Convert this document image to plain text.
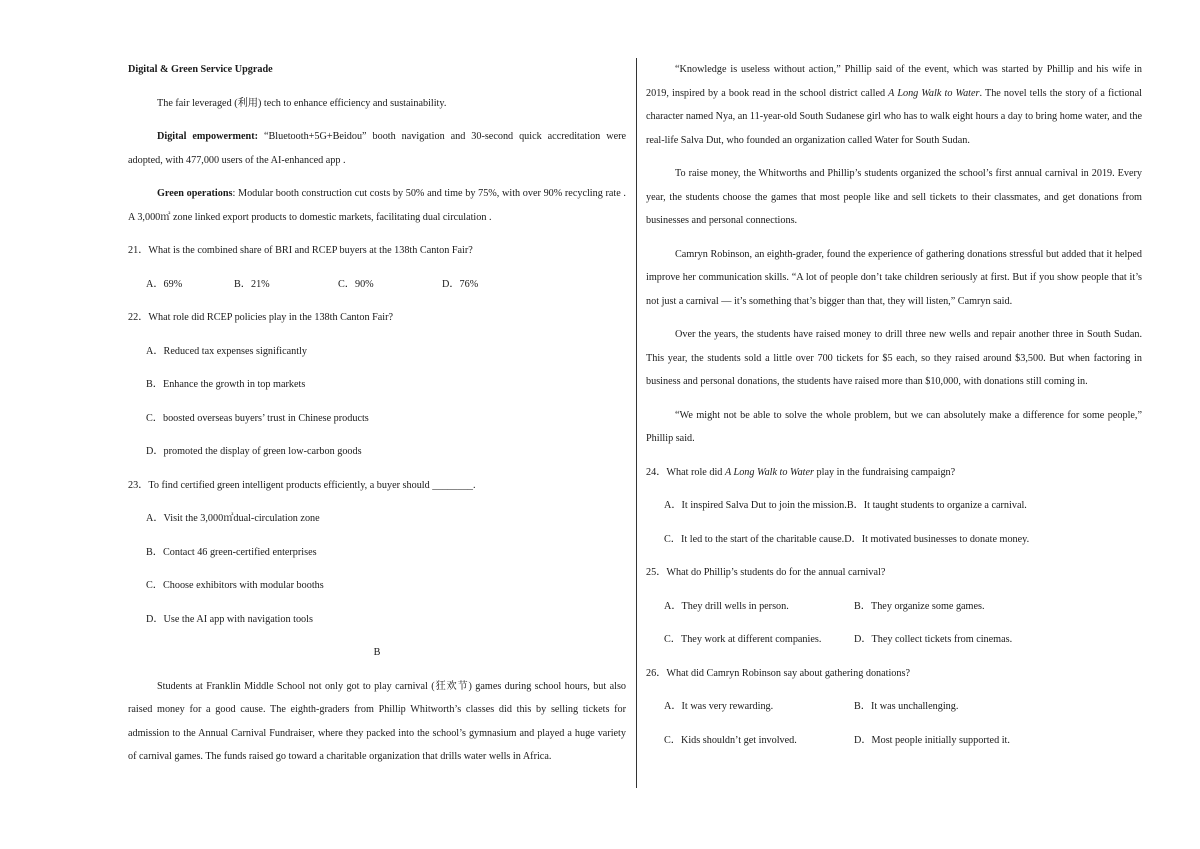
Digital & Green Service Upgrade

The fair leveraged (利用) tech to enhance efficiency and sustainability.

Digital empowerment: “Bluetooth+5G+Beidou” booth navigation and 30-second quick accreditation were adopted, with 477,000 users of the AI-enhanced app .

Green operations: Modular booth construction cut costs by 50% and time by 75%, with over 90% recycling rate . A 3,000㎡ zone linked export products to domestic markets, facilitating dual circulation .

21．What is the combined share of BRI and RCEP buyers at the 138th Canton Fair?

A．69%	B．21%	C．90%	D．76%

22．What role did RCEP policies play in the 138th Canton Fair?

A．Reduced tax expenses significantly

B．Enhance the growth in top markets

C．boosted overseas buyers’ trust in Chinese products

D．promoted the display of green low-carbon goods

23．To find certified green intelligent products efficiently, a buyer should ________.

A．Visit the 3,000㎡dual-circulation zone

B．Contact 46 green-certified enterprises

C．Choose exhibitors with modular booths

D．Use the AI app with navigation tools

B

Students at Franklin Middle School not only got to play carnival (狂欢节) games during school hours, but also raised money for a good cause. The eighth-graders from Phillip Whitworth’s classes did this by selling tickets for admission to the Annual Carnival Fundraiser, where they packed into the school’s gymnasium and played a huge variety of carnival games. The funds raised go toward a charitable organization that drills water wells in Africa.

“Knowledge is useless without action,” Phillip said of the event, which was started by Phillip and his wife in 2019, inspired by a book read in the school district called A Long Walk to Water. The novel tells the story of a fictional character named Nya, an 11-year-old South Sudanese girl who has to walk eight hours a day to bring home water, and the real-life Salva Dut, who founded an organization called Water for South Sudan.

To raise money, the Whitworths and Phillip’s students organized the school’s first annual carnival in 2019. Every year, the students choose the games that most people like and sell tickets to their classmates, and get donations from businesses and personal connections.

Camryn Robinson, an eighth-grader, found the experience of gathering donations stressful but added that it helped improve her communication skills. “A lot of people don’t take children seriously at first. But if you show people that it’s not just a carnival — it’s something that’s bigger than that, they will listen,” Camryn said.

Over the years, the students have raised money to drill three new wells and repair another three in South Sudan. This year, the students sold a little over 700 tickets for $5 each, so they raised around $3,500. But when factoring in business and personal donations, the students have raised more than $10,000, with donations still coming in.

“We might not be able to solve the whole problem, but we can absolutely make a difference for some people,” Phillip said.

24．What role did A Long Walk to Water play in the fundraising campaign?

A．It inspired Salva Dut to join the mission. B．It taught students to organize a carnival.
C．It led to the start of the charitable cause. D．It motivated businesses to donate money.

25．What do Phillip’s students do for the annual carnival?

A．They drill wells in person.	B．They organize some games.
C．They work at different companies.	D．They collect tickets from cinemas.

26．What did Camryn Robinson say about gathering donations?

A．It was very rewarding.	B．It was unchallenging.
C．Kids shouldn’t get involved.	D．Most people initially supported it.
